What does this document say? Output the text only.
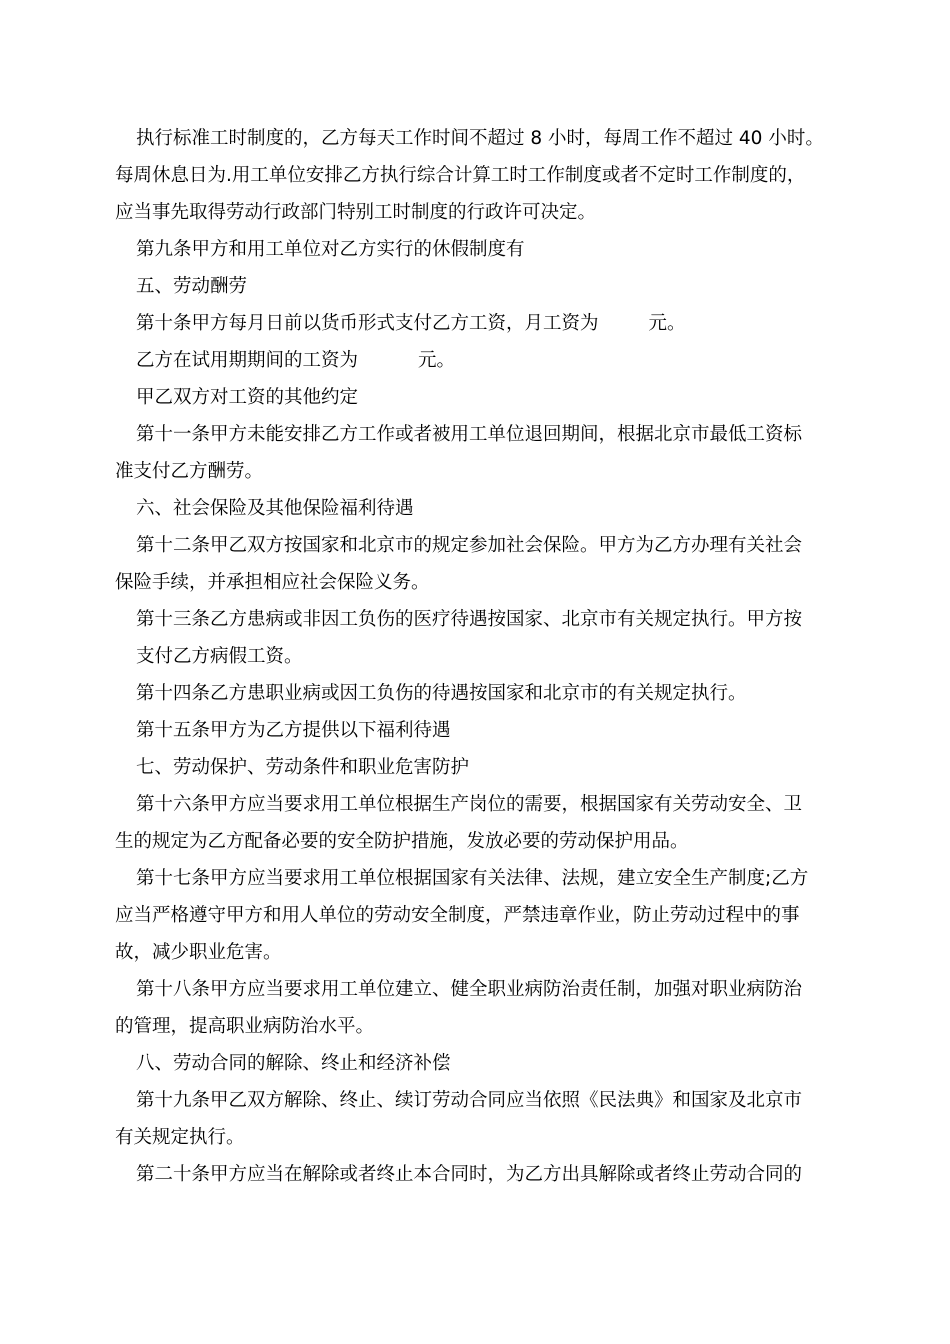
执行标准工时制度的，乙方每天工作时间不超过 8 小时，每周工作不超过 40 小时。
每周休息日为.用工单位安排乙方执行综合计算工时工作制度或者不定时工作制度的，
应当事先取得劳动行政部门特别工时制度的行政许可决定。

第九条甲方和用工单位对乙方实行的休假制度有

五、劳动酬劳

第十条甲方每月日前以货币形式支付乙方工资，月工资为	元。

乙方在试用期期间的工资为	元。

甲乙双方对工资的其他约定

第十一条甲方未能安排乙方工作或者被用工单位退回期间，根据北京市最低工资标
准支付乙方酬劳。

六、社会保险及其他保险福利待遇

第十二条甲乙双方按国家和北京市的规定参加社会保险。甲方为乙方办理有关社会
保险手续，并承担相应社会保险义务。

第十三条乙方患病或非因工负伤的医疗待遇按国家、北京市有关规定执行。甲方按
支付乙方病假工资。

第十四条乙方患职业病或因工负伤的待遇按国家和北京市的有关规定执行。

第十五条甲方为乙方提供以下福利待遇

七、劳动保护、劳动条件和职业危害防护

第十六条甲方应当要求用工单位根据生产岗位的需要，根据国家有关劳动安全、卫
生的规定为乙方配备必要的安全防护措施，发放必要的劳动保护用品。

第十七条甲方应当要求用工单位根据国家有关法律、法规，建立安全生产制度;乙方
应当严格遵守甲方和用人单位的劳动安全制度，严禁违章作业，防止劳动过程中的事
故，减少职业危害。

第十八条甲方应当要求用工单位建立、健全职业病防治责任制，加强对职业病防治
的管理，提高职业病防治水平。

八、劳动合同的解除、终止和经济补偿

第十九条甲乙双方解除、终止、续订劳动合同应当依照《民法典》和国家及北京市
有关规定执行。

第二十条甲方应当在解除或者终止本合同时，为乙方出具解除或者终止劳动合同的
